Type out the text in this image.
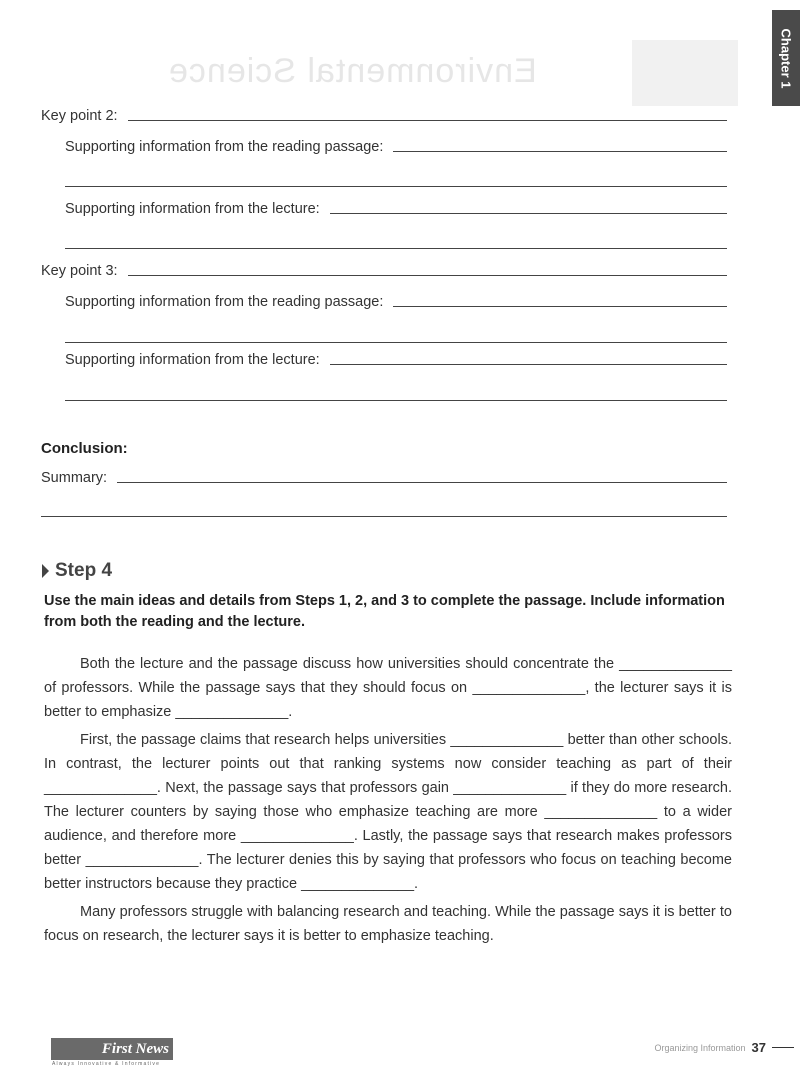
Environmental Science	Chapter 1
Key point 2:
Supporting information from the reading passage:
Supporting information from the lecture:
Key point 3:
Supporting information from the reading passage:
Supporting information from the lecture:
Conclusion:
Summary:
Step 4
Use the main ideas and details from Steps 1, 2, and 3 to complete the passage. Include information from both the reading and the lecture.

Both the lecture and the passage discuss how universities should concentrate the ______________ of professors. While the passage says that they should focus on ______________, the lecturer says it is better to emphasize ______________.

First, the passage claims that research helps universities ______________ better than other schools. In contrast, the lecturer points out that ranking systems now consider teaching as part of their ______________. Next, the passage says that professors gain ______________ if they do more research. The lecturer counters by saying those who emphasize teaching are more ______________ to a wider audience, and therefore more ______________. Lastly, the passage says that research makes professors better ______________. The lecturer denies this by saying that professors who focus on teaching become better instructors because they practice ______________.

Many professors struggle with balancing research and teaching. While the passage says it is better to focus on research, the lecturer says it is better to emphasize teaching.

First News
Always Innovative & Informative
Organizing Information 37
